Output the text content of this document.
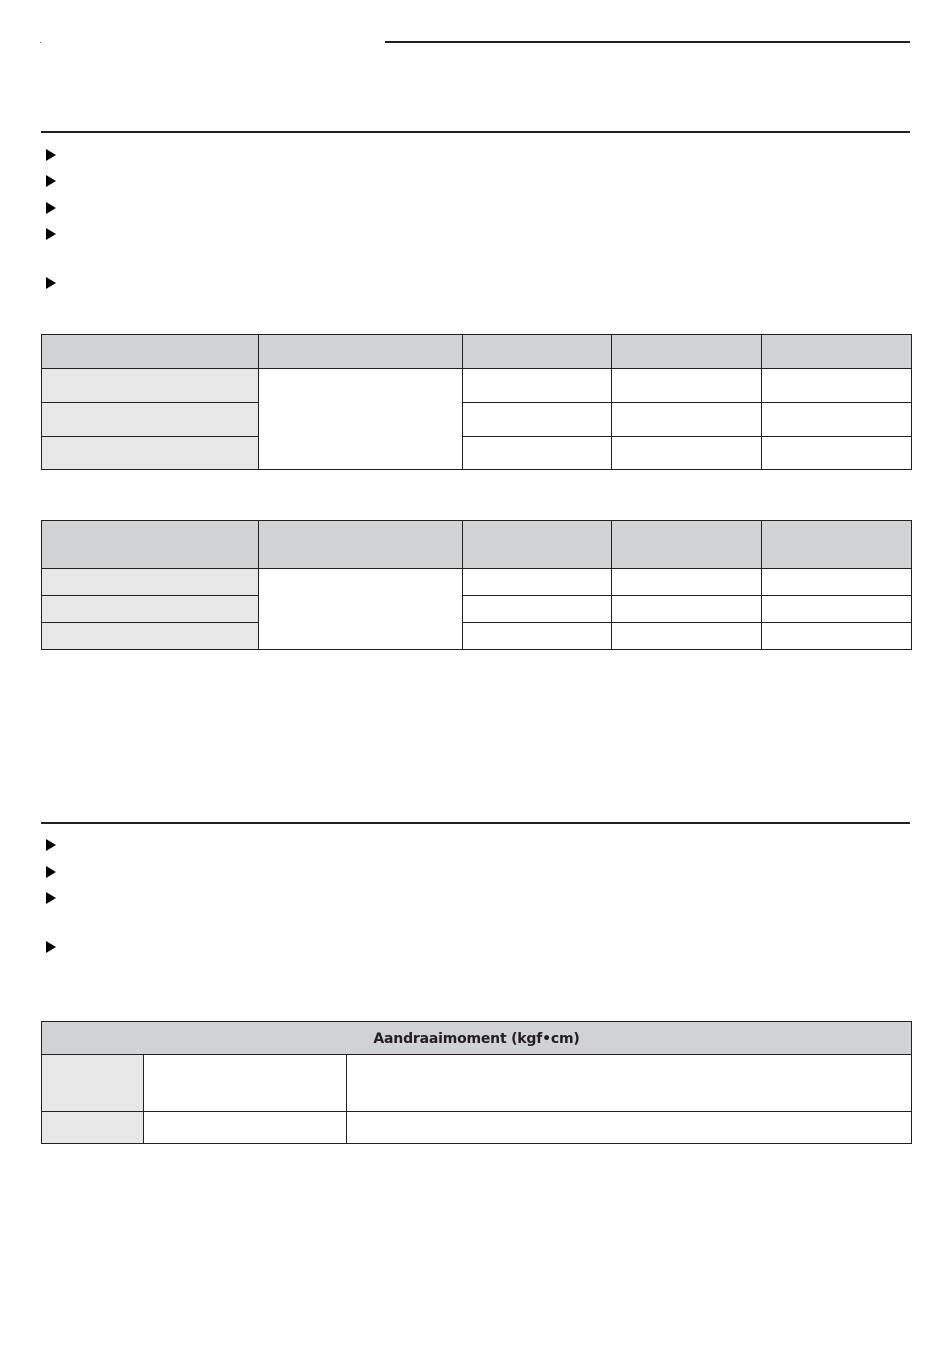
Aandraaimoment (kgf•cm)		
